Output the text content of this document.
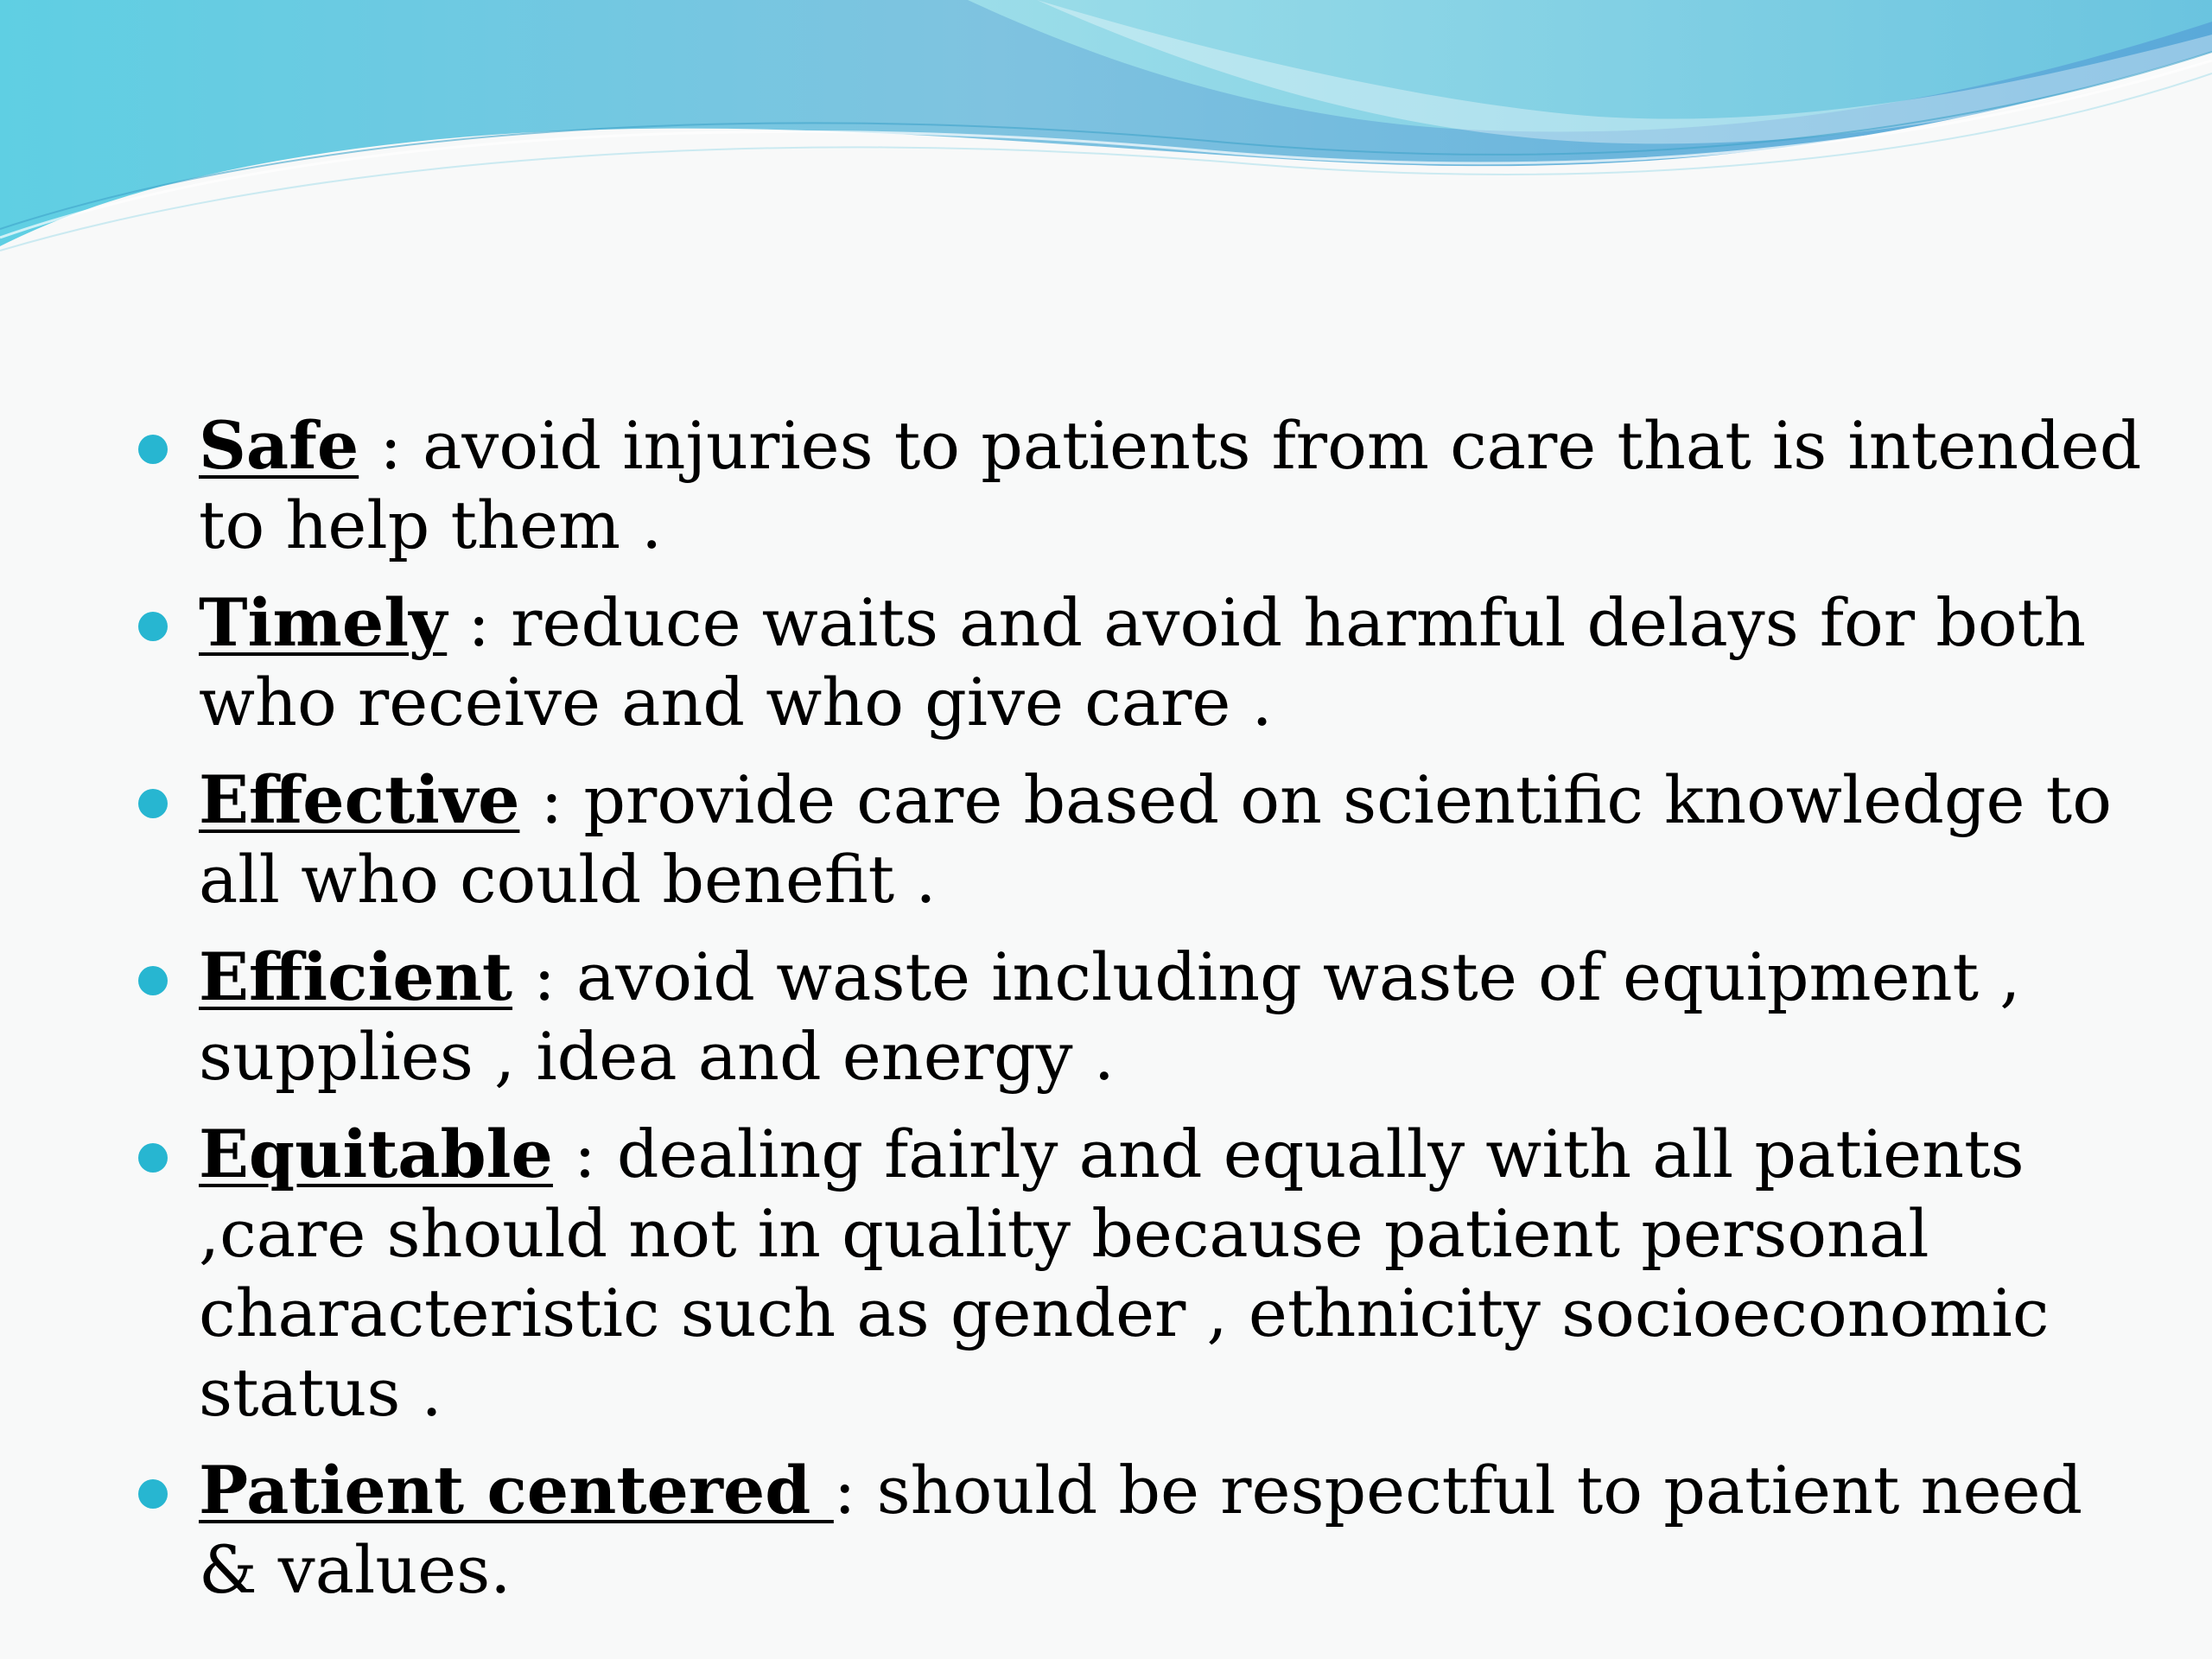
Safe : avoid injuries to patients from care that is intended to help them .
Timely : reduce waits and avoid harmful delays for both who receive and who give care .
Effective : provide care based on scientific knowledge to all who could benefit .
Efficient : avoid waste including waste of equipment , supplies , idea and energy .
Equitable : dealing fairly and equally with all patients ,care should not in quality because patient personal characteristic such as gender , ethnicity socioeconomic status .
Patient centered : should be respectful to patient need & values.
